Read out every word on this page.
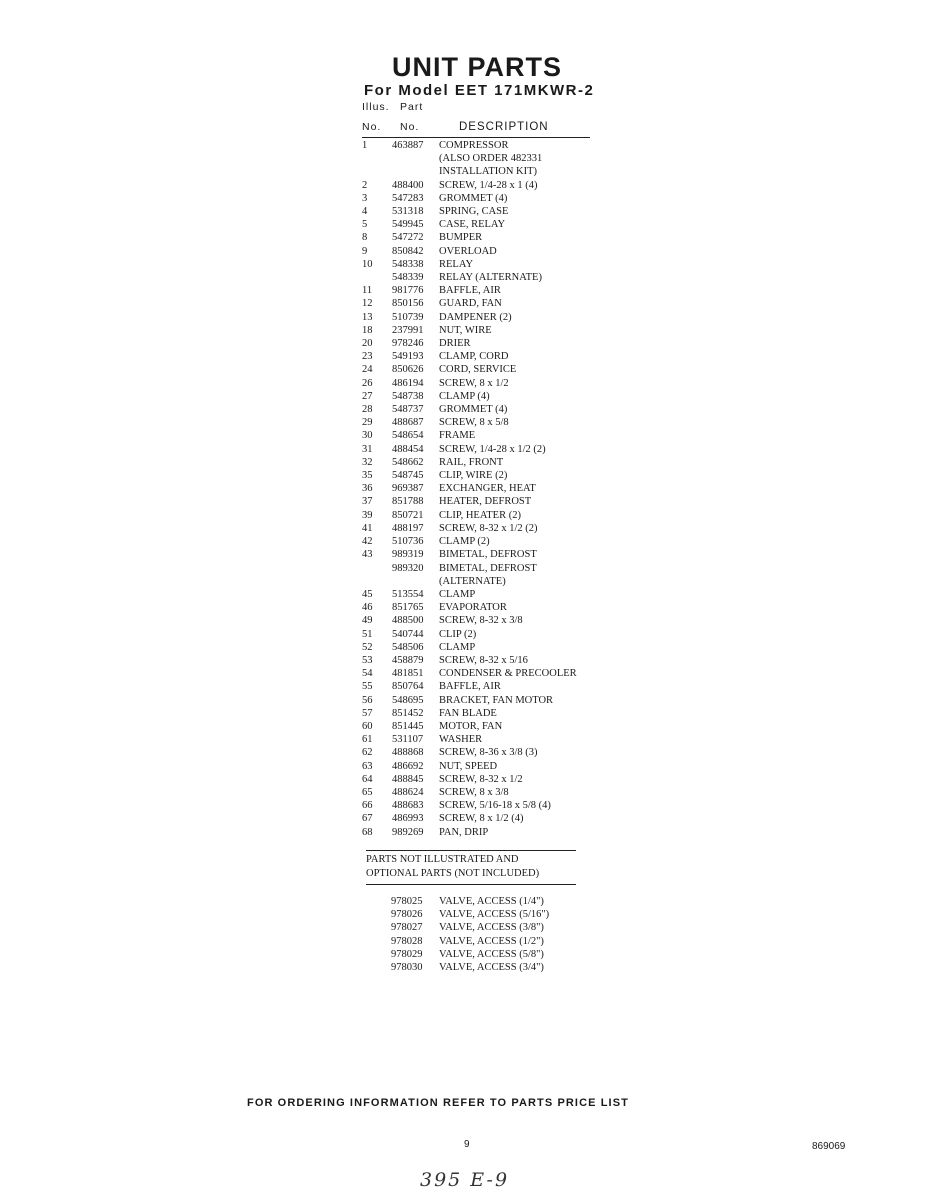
UNIT PARTS
For Model EET 171MKWR-2
Illus. Part
No. No.	DESCRIPTION
1	463887	COMPRESSOR
(ALSO ORDER 482331
INSTALLATION KIT)
2	488400	SCREW, 1/4-28 x 1 (4)
3	547283	GROMMET (4)
4	531318	SPRING, CASE
5	549945	CASE, RELAY
8	547272	BUMPER
9	850842	OVERLOAD
10	548338	RELAY
548339	RELAY (ALTERNATE)
11	981776	BAFFLE, AIR
12	850156	GUARD, FAN
13	510739	DAMPENER (2)
18	237991	NUT, WIRE
20	978246	DRIER
23	549193	CLAMP, CORD
24	850626	CORD, SERVICE
26	486194	SCREW, 8 x 1/2
27	548738	CLAMP (4)
28	548737	GROMMET (4)
29	488687	SCREW, 8 x 5/8
30	548654	FRAME
31	488454	SCREW, 1/4-28 x 1/2 (2)
32	548662	RAIL, FRONT
35	548745	CLIP, WIRE (2)
36	969387	EXCHANGER, HEAT
37	851788	HEATER, DEFROST
39	850721	CLIP, HEATER (2)
41	488197	SCREW, 8-32 x 1/2 (2)
42	510736	CLAMP (2)
43	989319	BIMETAL, DEFROST
989320	BIMETAL, DEFROST
(ALTERNATE)
45	513554	CLAMP
46	851765	EVAPORATOR
49	488500	SCREW, 8-32 x 3/8
51	540744	CLIP (2)
52	548506	CLAMP
53	458879	SCREW, 8-32 x 5/16
54	481851	CONDENSER & PRECOOLER
55	850764	BAFFLE, AIR
56	548695	BRACKET, FAN MOTOR
57	851452	FAN BLADE
60	851445	MOTOR, FAN
61	531107	WASHER
62	488868	SCREW, 8-36 x 3/8 (3)
63	486692	NUT, SPEED
64	488845	SCREW, 8-32 x 1/2
65	488624	SCREW, 8 x 3/8
66	488683	SCREW, 5/16-18 x 5/8 (4)
67	486993	SCREW, 8 x 1/2 (4)
68	989269	PAN, DRIP
PARTS NOT ILLUSTRATED AND
OPTIONAL PARTS (NOT INCLUDED)
978025	VALVE, ACCESS (1/4")
978026	VALVE, ACCESS (5/16")
978027	VALVE, ACCESS (3/8")
978028	VALVE, ACCESS (1/2")
978029	VALVE, ACCESS (5/8")
978030	VALVE, ACCESS (3/4")
FOR ORDERING INFORMATION REFER TO PARTS PRICE LIST
9	869069
395 E-9
